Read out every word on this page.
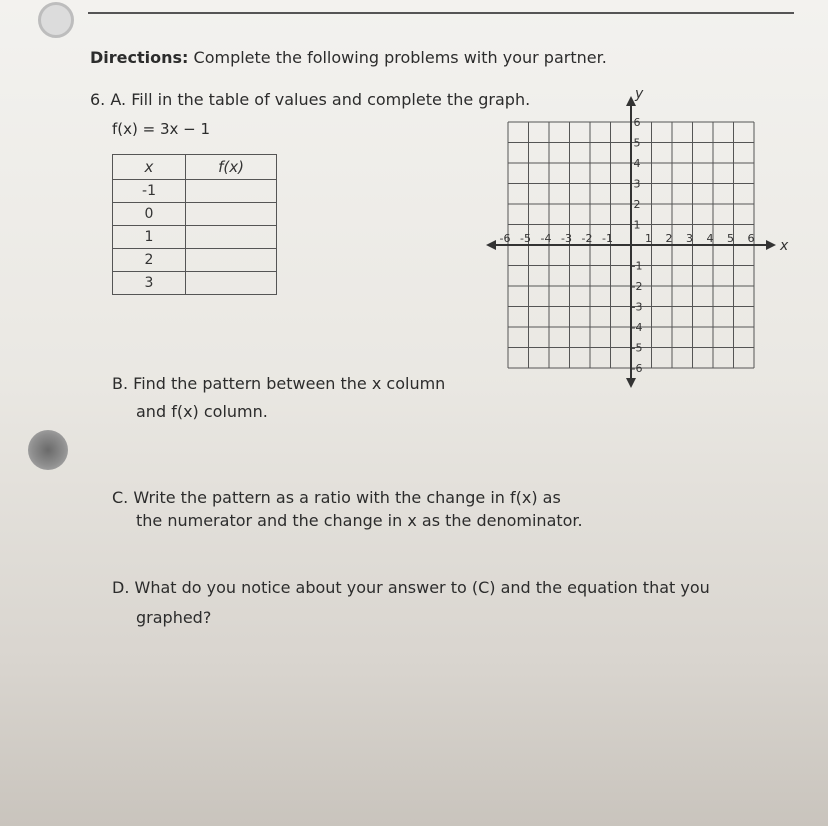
Directions: Complete the following problems with your partner.
6. A. Fill in the table of values and complete the graph.
f(x) = 3x − 1
x	f(x)
-1	
0	
1	
2	
3	
x
y
-6 -5 -4 -3 -2 -1	1 2 3 4 5 6
6
5
4
3
2
1
-1
-2
-3
-4
-5
-6
B. Find the pattern between the x column
and f(x) column.
C. Write the pattern as a ratio with the change in f(x) as
the numerator and the change in x as the denominator.
D. What do you notice about your answer to (C) and the equation that you
graphed?
